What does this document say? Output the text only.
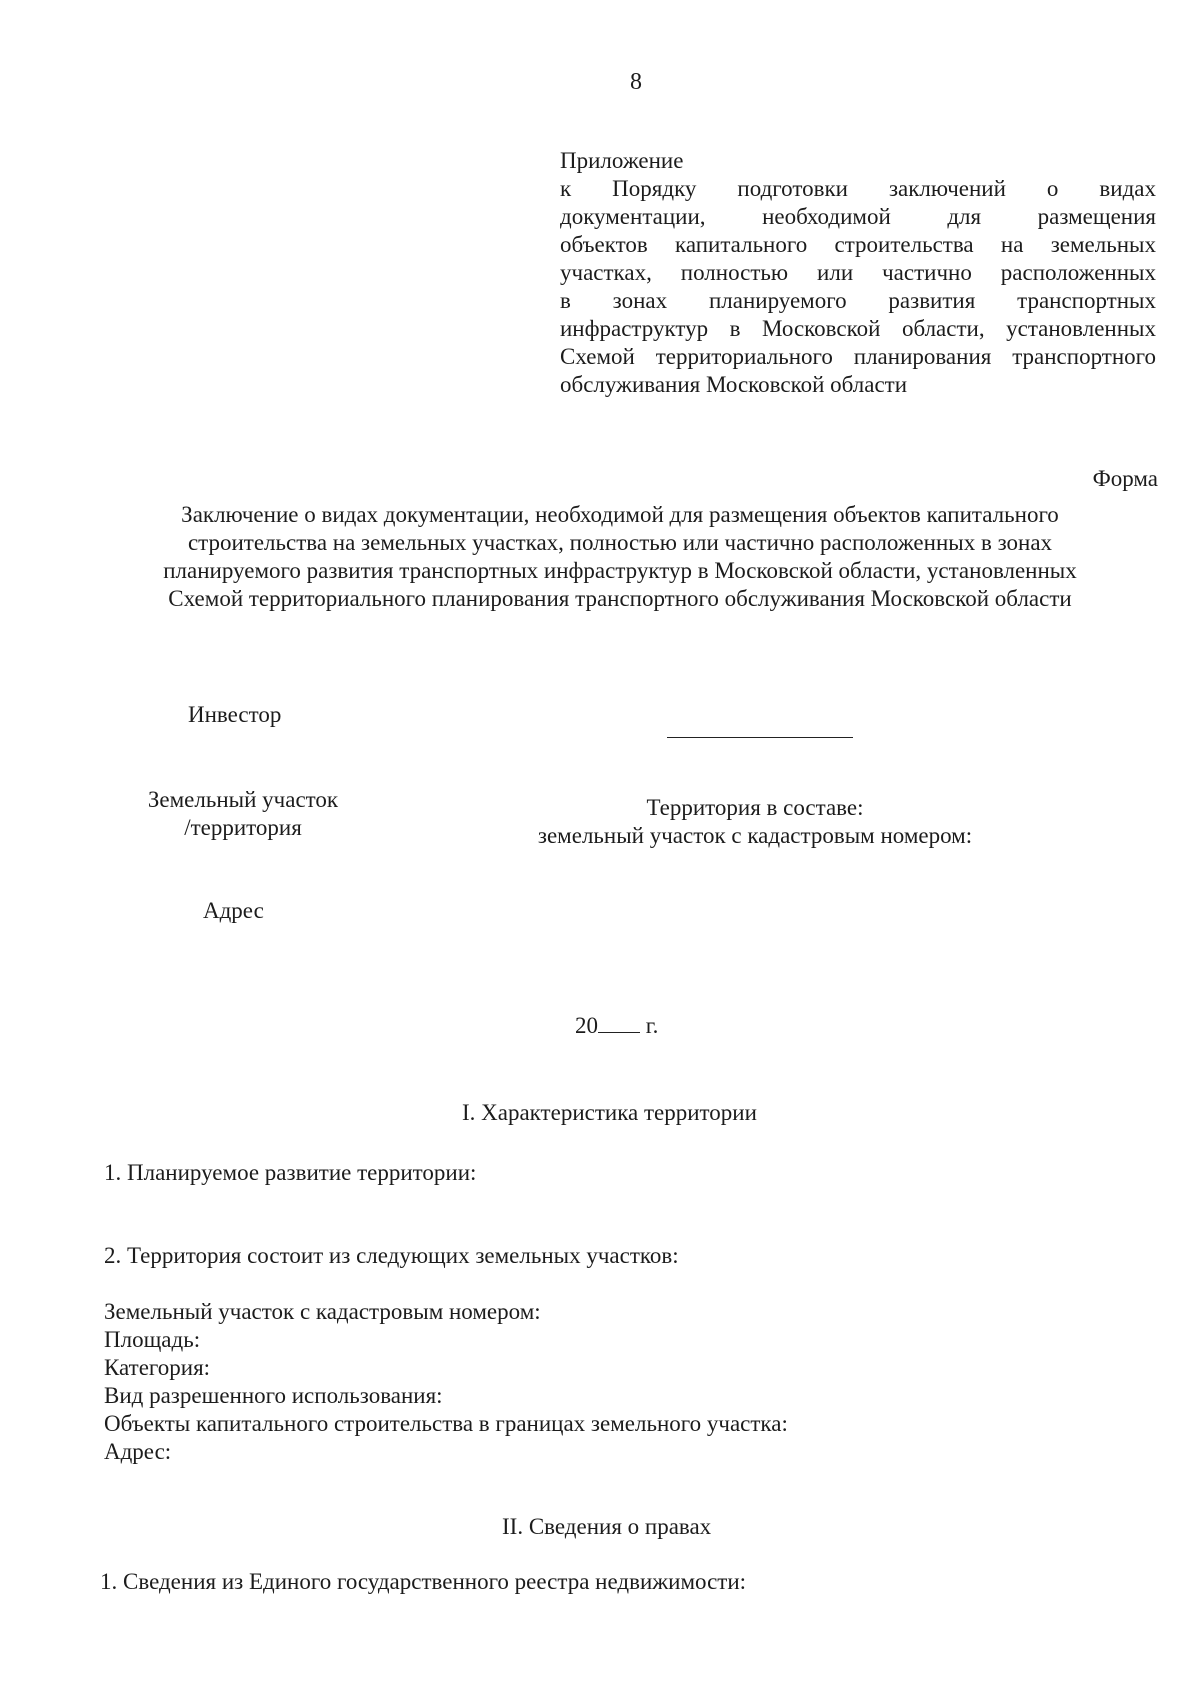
8
Приложение
к Порядку подготовки заключений о видах
документации, необходимой для размещения
объектов капитального строительства на земельных
участках, полностью или частично расположенных
в зонах планируемого развития транспортных
инфраструктур в Московской области, установленных
Схемой территориального планирования транспортного
обслуживания Московской области
Форма
Заключение о видах документации, необходимой для размещения объектов капитального
строительства на земельных участках, полностью или частично расположенных в зонах
планируемого развития транспортных инфраструктур в Московской области, установленных
Схемой территориального планирования транспортного обслуживания Московской области
Инвестор
Земельный участок
/территория
Территория в составе:
земельный участок с кадастровым номером:
Адрес
20 г.
I. Характеристика территории
1. Планируемое развитие территории:
2. Территория состоит из следующих земельных участков:
Земельный участок с кадастровым номером:
Площадь:
Категория:
Вид разрешенного использования:
Объекты капитального строительства в границах земельного участка:
Адрес:
II. Сведения о правах
1. Сведения из Единого государственного реестра недвижимости:
